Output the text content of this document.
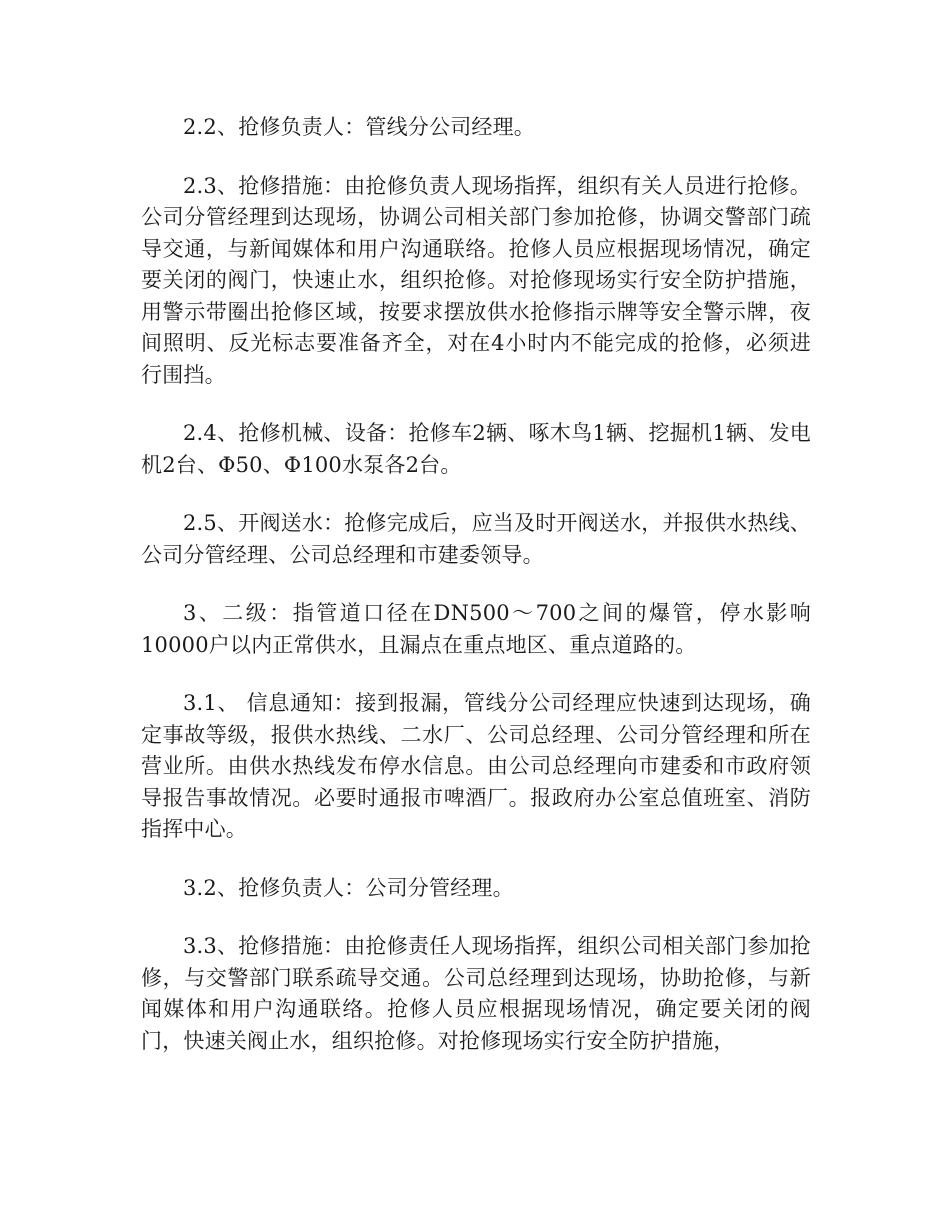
2.2、抢修负责人：管线分公司经理。

2.3、抢修措施：由抢修负责人现场指挥，组织有关人员进行抢修。公司分管经理到达现场，协调公司相关部门参加抢修，协调交警部门疏导交通，与新闻媒体和用户沟通联络。抢修人员应根据现场情况，确定要关闭的阀门，快速止水，组织抢修。对抢修现场实行安全防护措施，用警示带圈出抢修区域，按要求摆放供水抢修指示牌等安全警示牌，夜间照明、反光标志要准备齐全，对在4小时内不能完成的抢修，必须进行围挡。

2.4、抢修机械、设备：抢修车2辆、啄木鸟1辆、挖掘机1辆、发电机2台、Φ50、Φ100水泵各2台。

2.5、开阀送水：抢修完成后，应当及时开阀送水，并报供水热线、公司分管经理、公司总经理和市建委领导。

3、二级：指管道口径在DN500～700之间的爆管，停水影响10000户以内正常供水，且漏点在重点地区、重点道路的。

3.1、 信息通知：接到报漏，管线分公司经理应快速到达现场，确定事故等级，报供水热线、二水厂、公司总经理、公司分管经理和所在营业所。由供水热线发布停水信息。由公司总经理向市建委和市政府领导报告事故情况。必要时通报市啤酒厂。报政府办公室总值班室、消防指挥中心。

3.2、抢修负责人：公司分管经理。

3.3、抢修措施：由抢修责任人现场指挥，组织公司相关部门参加抢修，与交警部门联系疏导交通。公司总经理到达现场，协助抢修，与新闻媒体和用户沟通联络。抢修人员应根据现场情况，确定要关闭的阀门，快速关阀止水，组织抢修。对抢修现场实行安全防护措施，
